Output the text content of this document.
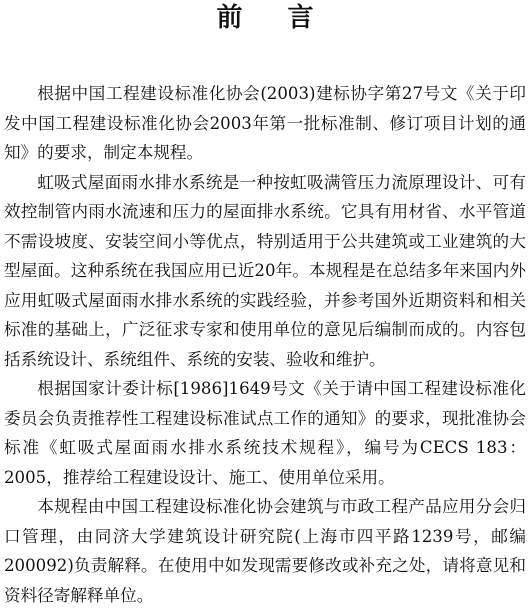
前 言

根据中国工程建设标准化协会(2003)建标协字第27号文《关于印发中国工程建设标准化协会2003年第一批标准制、修订项目计划的通知》的要求，制定本规程。

虹吸式屋面雨水排水系统是一种按虹吸满管压力流原理设计、可有效控制管内雨水流速和压力的屋面排水系统。它具有用材省、水平管道不需设坡度、安装空间小等优点，特别适用于公共建筑或工业建筑的大型屋面。这种系统在我国应用已近20年。本规程是在总结多年来国内外应用虹吸式屋面雨水排水系统的实践经验，并参考国外近期资料和相关标准的基础上，广泛征求专家和使用单位的意见后编制而成的。内容包括系统设计、系统组件、系统的安装、验收和维护。

根据国家计委计标[1986]1649号文《关于请中国工程建设标准化委员会负责推荐性工程建设标准试点工作的通知》的要求，现批准协会标准《虹吸式屋面雨水排水系统技术规程》，编号为CECS 183：2005，推荐给工程建设设计、施工、使用单位采用。

本规程由中国工程建设标准化协会建筑与市政工程产品应用分会归口管理，由同济大学建筑设计研究院(上海市四平路1239号，邮编200092)负责解释。在使用中如发现需要修改或补充之处，请将意见和资料径寄解释单位。
